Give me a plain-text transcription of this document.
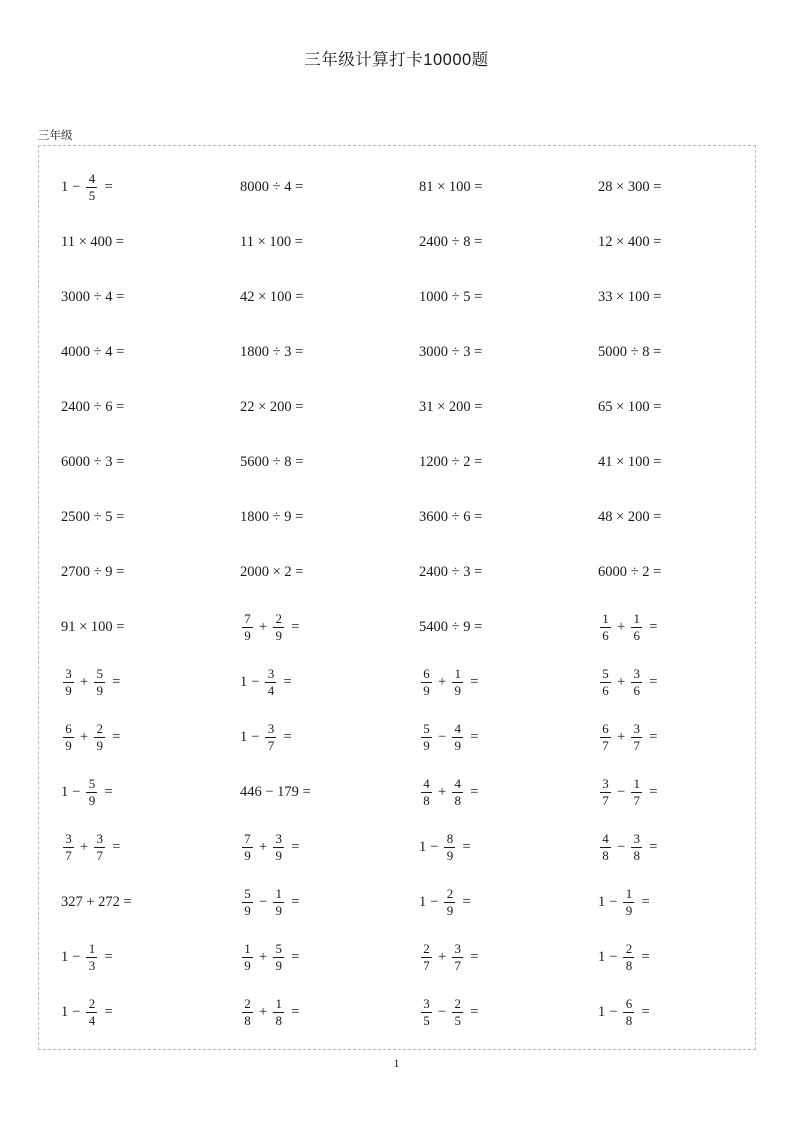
三年级计算打卡10000题
三年级
$1 - \frac{4}{5}$ =	8000 ÷ 4 =	81 × 100 =	28 × 300 =
11 × 400 =	11 × 100 =	2400 ÷ 8 =	12 × 400 =
3000 ÷ 4 =	42 × 100 =	1000 ÷ 5 =	33 × 100 =
4000 ÷ 4 =	1800 ÷ 3 =	3000 ÷ 3 =	5000 ÷ 8 =
2400 ÷ 6 =	22 × 200 =	31 × 200 =	65 × 100 =
6000 ÷ 3 =	5600 ÷ 8 =	1200 ÷ 2 =	41 × 100 =
2500 ÷ 5 =	1800 ÷ 9 =	3600 ÷ 6 =	48 × 200 =
2700 ÷ 9 =	2000 × 2 =	2400 ÷ 3 =	6000 ÷ 2 =
91 × 100 =	$\frac{7}{9} + \frac{2}{9}$ =	5400 ÷ 9 =	$\frac{1}{6} + \frac{1}{6}$ =
$\frac{3}{9} + \frac{5}{9}$ =	$1 - \frac{3}{4}$ =	$\frac{6}{9} + \frac{1}{9}$ =	$\frac{5}{6} + \frac{3}{6}$ =
$\frac{6}{9} + \frac{2}{9}$ =	$1 - \frac{3}{7}$ =	$\frac{5}{9} - \frac{4}{9}$ =	$\frac{6}{7} + \frac{3}{7}$ =
$1 - \frac{5}{9}$ =	446 − 179 =	$\frac{4}{8} + \frac{4}{8}$ =	$\frac{3}{7} - \frac{1}{7}$ =
$\frac{3}{7} + \frac{3}{7}$ =	$\frac{7}{9} + \frac{3}{9}$ =	$1 - \frac{8}{9}$ =	$\frac{4}{8} - \frac{3}{8}$ =
327 + 272 =	$\frac{5}{9} - \frac{1}{9}$ =	$1 - \frac{2}{9}$ =	$1 - \frac{1}{9}$ =
$1 - \frac{1}{3}$ =	$\frac{1}{9} + \frac{5}{9}$ =	$\frac{2}{7} + \frac{3}{7}$ =	$1 - \frac{2}{8}$ =
$1 - \frac{2}{4}$ =	$\frac{2}{8} + \frac{1}{8}$ =	$\frac{3}{5} - \frac{2}{5}$ =	$1 - \frac{6}{8}$ =
1
